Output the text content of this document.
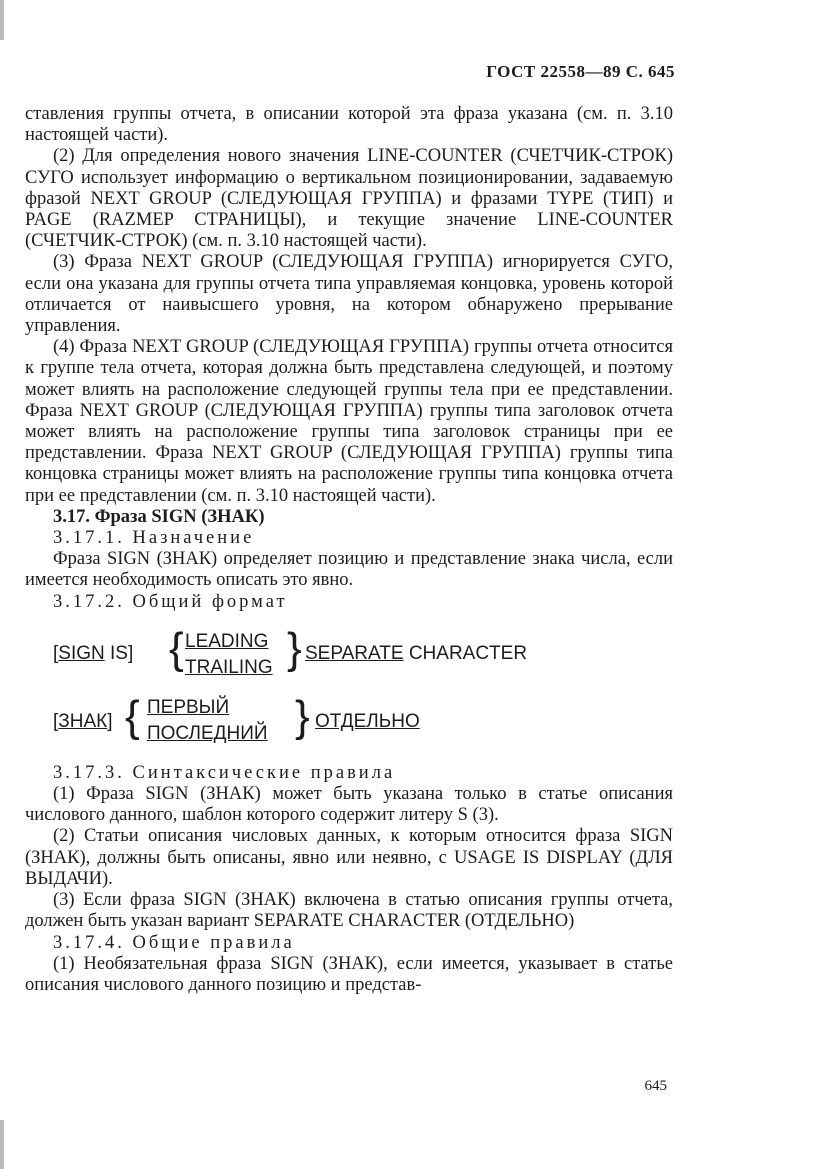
ГОСТ 22558—89 С. 645

ставления группы отчета, в описании которой эта фраза указана (см. п. 3.10 настоящей части).

(2) Для определения нового значения LINE-COUNTER (СЧЕТЧИК-СТРОК) СУГО использует информацию о вертикальном позиционировании, задаваемую фразой NEXT GROUP (СЛЕДУЮЩАЯ ГРУППА) и фразами TYPE (ТИП) и PAGE (RAZMEP СТРАНИЦЫ), и текущие значение LINE-COUNTER (СЧЕТЧИК-СТРОК) (см. п. 3.10 настоящей части).

(3) Фраза NEXT GROUP (СЛЕДУЮЩАЯ ГРУППА) игнорируется СУГО, если она указана для группы отчета типа управляемая концовка, уровень которой отличается от наивысшего уровня, на котором обнаружено прерывание управления.

(4) Фраза NEXT GROUP (СЛЕДУЮЩАЯ ГРУППА) группы отчета относится к группе тела отчета, которая должна быть представлена следующей, и поэтому может влиять на расположение следующей группы тела при ее представлении. Фраза NEXT GROUP (СЛЕДУЮЩАЯ ГРУППА) группы типа заголовок отчета может влиять на расположение группы типа заголовок страницы при ее представлении. Фраза NEXT GROUP (СЛЕДУЮЩАЯ ГРУППА) группы типа концовка страницы может влиять на расположение группы типа концовка отчета при ее представлении (см. п. 3.10 настоящей части).

3.17. Фраза SIGN (ЗНАК)

3.17.1. Назначение

Фраза SIGN (ЗНАК) определяет позицию и представление знака числа, если имеется необходимость описать это явно.

3.17.2. Общий формат

[SIGN IS] { LEADING
TRAILING } SEPARATE CHARACTER
[ЗНАК] { ПЕРВЫЙ
ПОСЛЕДНИЙ } ОТДЕЛЬНО

3.17.3. Синтаксические правила

(1) Фраза SIGN (ЗНАК) может быть указана только в статье описания числового данного, шаблон которого содержит литеру S (3).

(2) Статьи описания числовых данных, к которым относится фраза SIGN (ЗНАК), должны быть описаны, явно или неявно, с USAGE IS DISPLAY (ДЛЯ ВЫДАЧИ).

(3) Если фраза SIGN (ЗНАК) включена в статью описания группы отчета, должен быть указан вариант SEPARATE CHARACTER (ОТДЕЛЬНО)

3.17.4. Общие правила

(1) Необязательная фраза SIGN (ЗНАК), если имеется, указывает в статье описания числового данного позицию и представ-

645
